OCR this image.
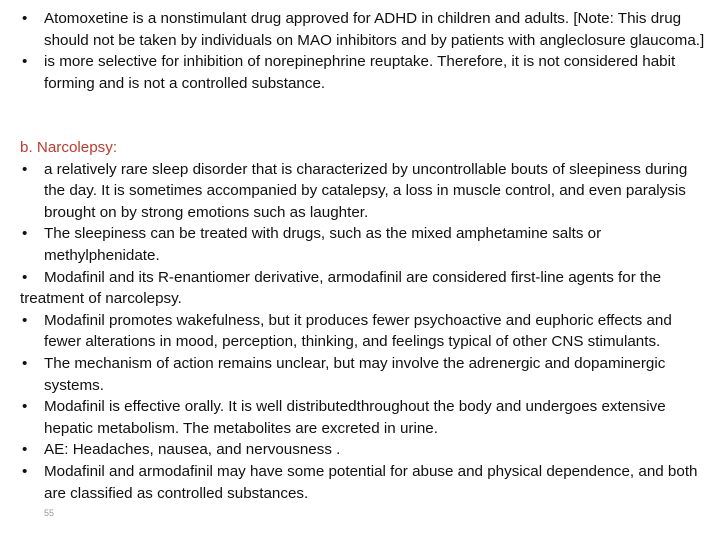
• Atomoxetine is a nonstimulant drug approved for ADHD in children and adults. [Note: This drug should not be taken by individuals on MAO inhibitors and by patients with angleclosure glaucoma.]

• is more selective for inhibition of norepinephrine reuptake. Therefore, it is not considered habit forming and is not a controlled substance.

b. Narcolepsy:

• a relatively rare sleep disorder that is characterized by uncontrollable bouts of sleepiness during the day. It is sometimes accompanied by catalepsy, a loss in muscle control, and even paralysis brought on by strong emotions such as laughter.

• The sleepiness can be treated with drugs, such as the mixed amphetamine salts or methylphenidate.

• Modafinil and its R-enantiomer derivative, armodafinil are considered first-line agents for the treatment of narcolepsy.

• Modafinil promotes wakefulness, but it produces fewer psychoactive and euphoric effects and fewer alterations in mood, perception, thinking, and feelings typical of other CNS stimulants.

• The mechanism of action remains unclear, but may involve the adrenergic and dopaminergic systems.

• Modafinil is effective orally. It is well distributedthroughout the body and undergoes extensive hepatic metabolism. The metabolites are excreted in urine.

• AE: Headaches, nausea, and nervousness .

• Modafinil and armodafinil may have some potential for abuse and physical dependence, and both are classified as controlled substances.

55
